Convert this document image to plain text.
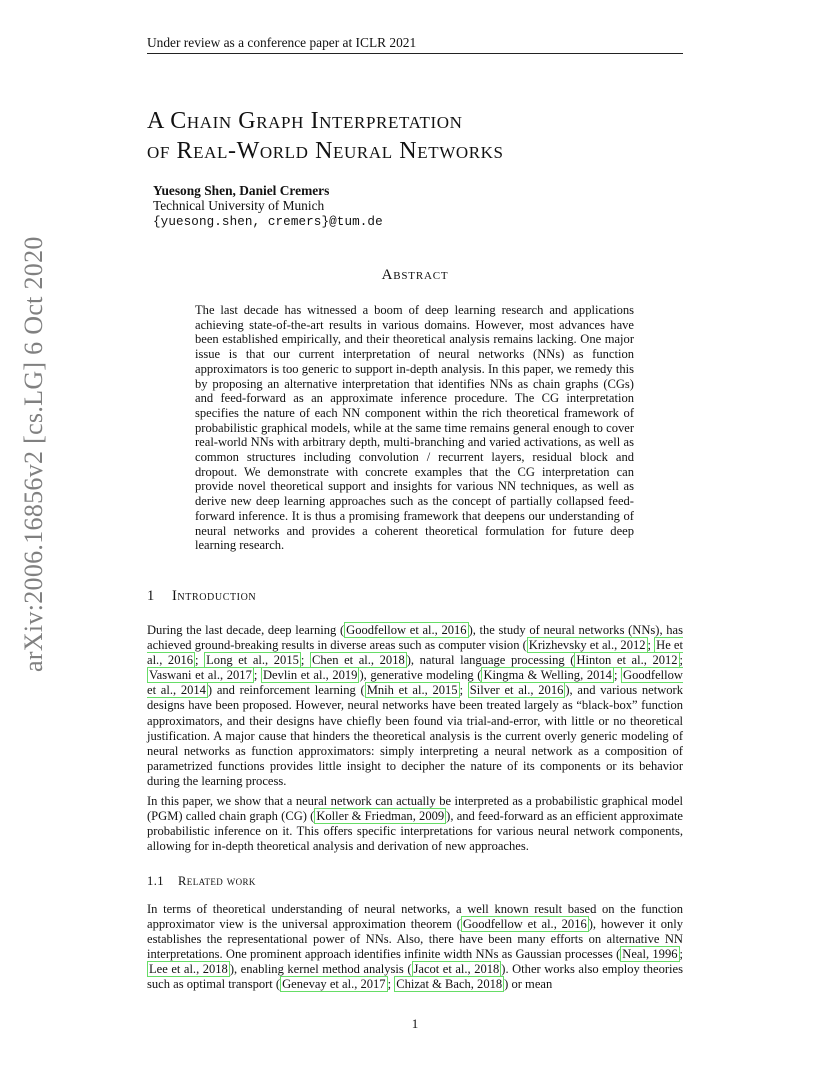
Under review as a conference paper at ICLR 2021
arXiv:2006.16856v2 [cs.LG] 6 Oct 2020
A Chain Graph Interpretation
of Real-World Neural Networks
Yuesong Shen, Daniel Cremers
Technical University of Munich
{yuesong.shen, cremers}@tum.de
Abstract
The last decade has witnessed a boom of deep learning research and applications achieving state-of-the-art results in various domains. However, most advances have been established empirically, and their theoretical analysis remains lacking. One major issue is that our current interpretation of neural networks (NNs) as function approximators is too generic to support in-depth analysis. In this paper, we remedy this by proposing an alternative interpretation that identifies NNs as chain graphs (CGs) and feed-forward as an approximate inference procedure. The CG interpretation specifies the nature of each NN component within the rich theoretical framework of probabilistic graphical models, while at the same time remains general enough to cover real-world NNs with arbitrary depth, multi-branching and varied activations, as well as common structures including convolution / recurrent layers, residual block and dropout. We demonstrate with concrete examples that the CG interpretation can provide novel theoretical support and insights for various NN techniques, as well as derive new deep learning approaches such as the concept of partially collapsed feed-forward inference. It is thus a promising framework that deepens our understanding of neural networks and provides a coherent theoretical formulation for future deep learning research.
1 Introduction
During the last decade, deep learning ( Goodfellow et al., 2016 ), the study of neural networks (NNs), has achieved ground-breaking results in diverse areas such as computer vision ( Krizhevsky et al., 2012 ; He et al., 2016 ; Long et al., 2015 ; Chen et al., 2018 ), natural language processing ( Hinton et al., 2012 ; Vaswani et al., 2017 ; Devlin et al., 2019 ), generative modeling ( Kingma & Welling, 2014 ; Goodfellow et al., 2014 ) and reinforcement learning ( Mnih et al., 2015 ; Silver et al., 2016 ), and various network designs have been proposed. However, neural networks have been treated largely as “black-box” function approximators, and their designs have chiefly been found via trial-and-error, with little or no theoretical justification. A major cause that hinders the theoretical analysis is the current overly generic modeling of neural networks as function approximators: simply interpreting a neural network as a composition of parametrized functions provides little insight to decipher the nature of its components or its behavior during the learning process.
In this paper, we show that a neural network can actually be interpreted as a probabilistic graphical model (PGM) called chain graph (CG) ( Koller & Friedman, 2009 ), and feed-forward as an efficient approximate probabilistic inference on it. This offers specific interpretations for various neural network components, allowing for in-depth theoretical analysis and derivation of new approaches.
1.1 Related work
In terms of theoretical understanding of neural networks, a well known result based on the function approximator view is the universal approximation theorem ( Goodfellow et al., 2016 ), however it only establishes the representational power of NNs. Also, there have been many efforts on alternative NN interpretations. One prominent approach identifies infinite width NNs as Gaussian processes ( Neal, 1996 ; Lee et al., 2018 ), enabling kernel method analysis ( Jacot et al., 2018 ). Other works also employ theories such as optimal transport ( Genevay et al., 2017 ; Chizat & Bach, 2018 ) or mean
1
